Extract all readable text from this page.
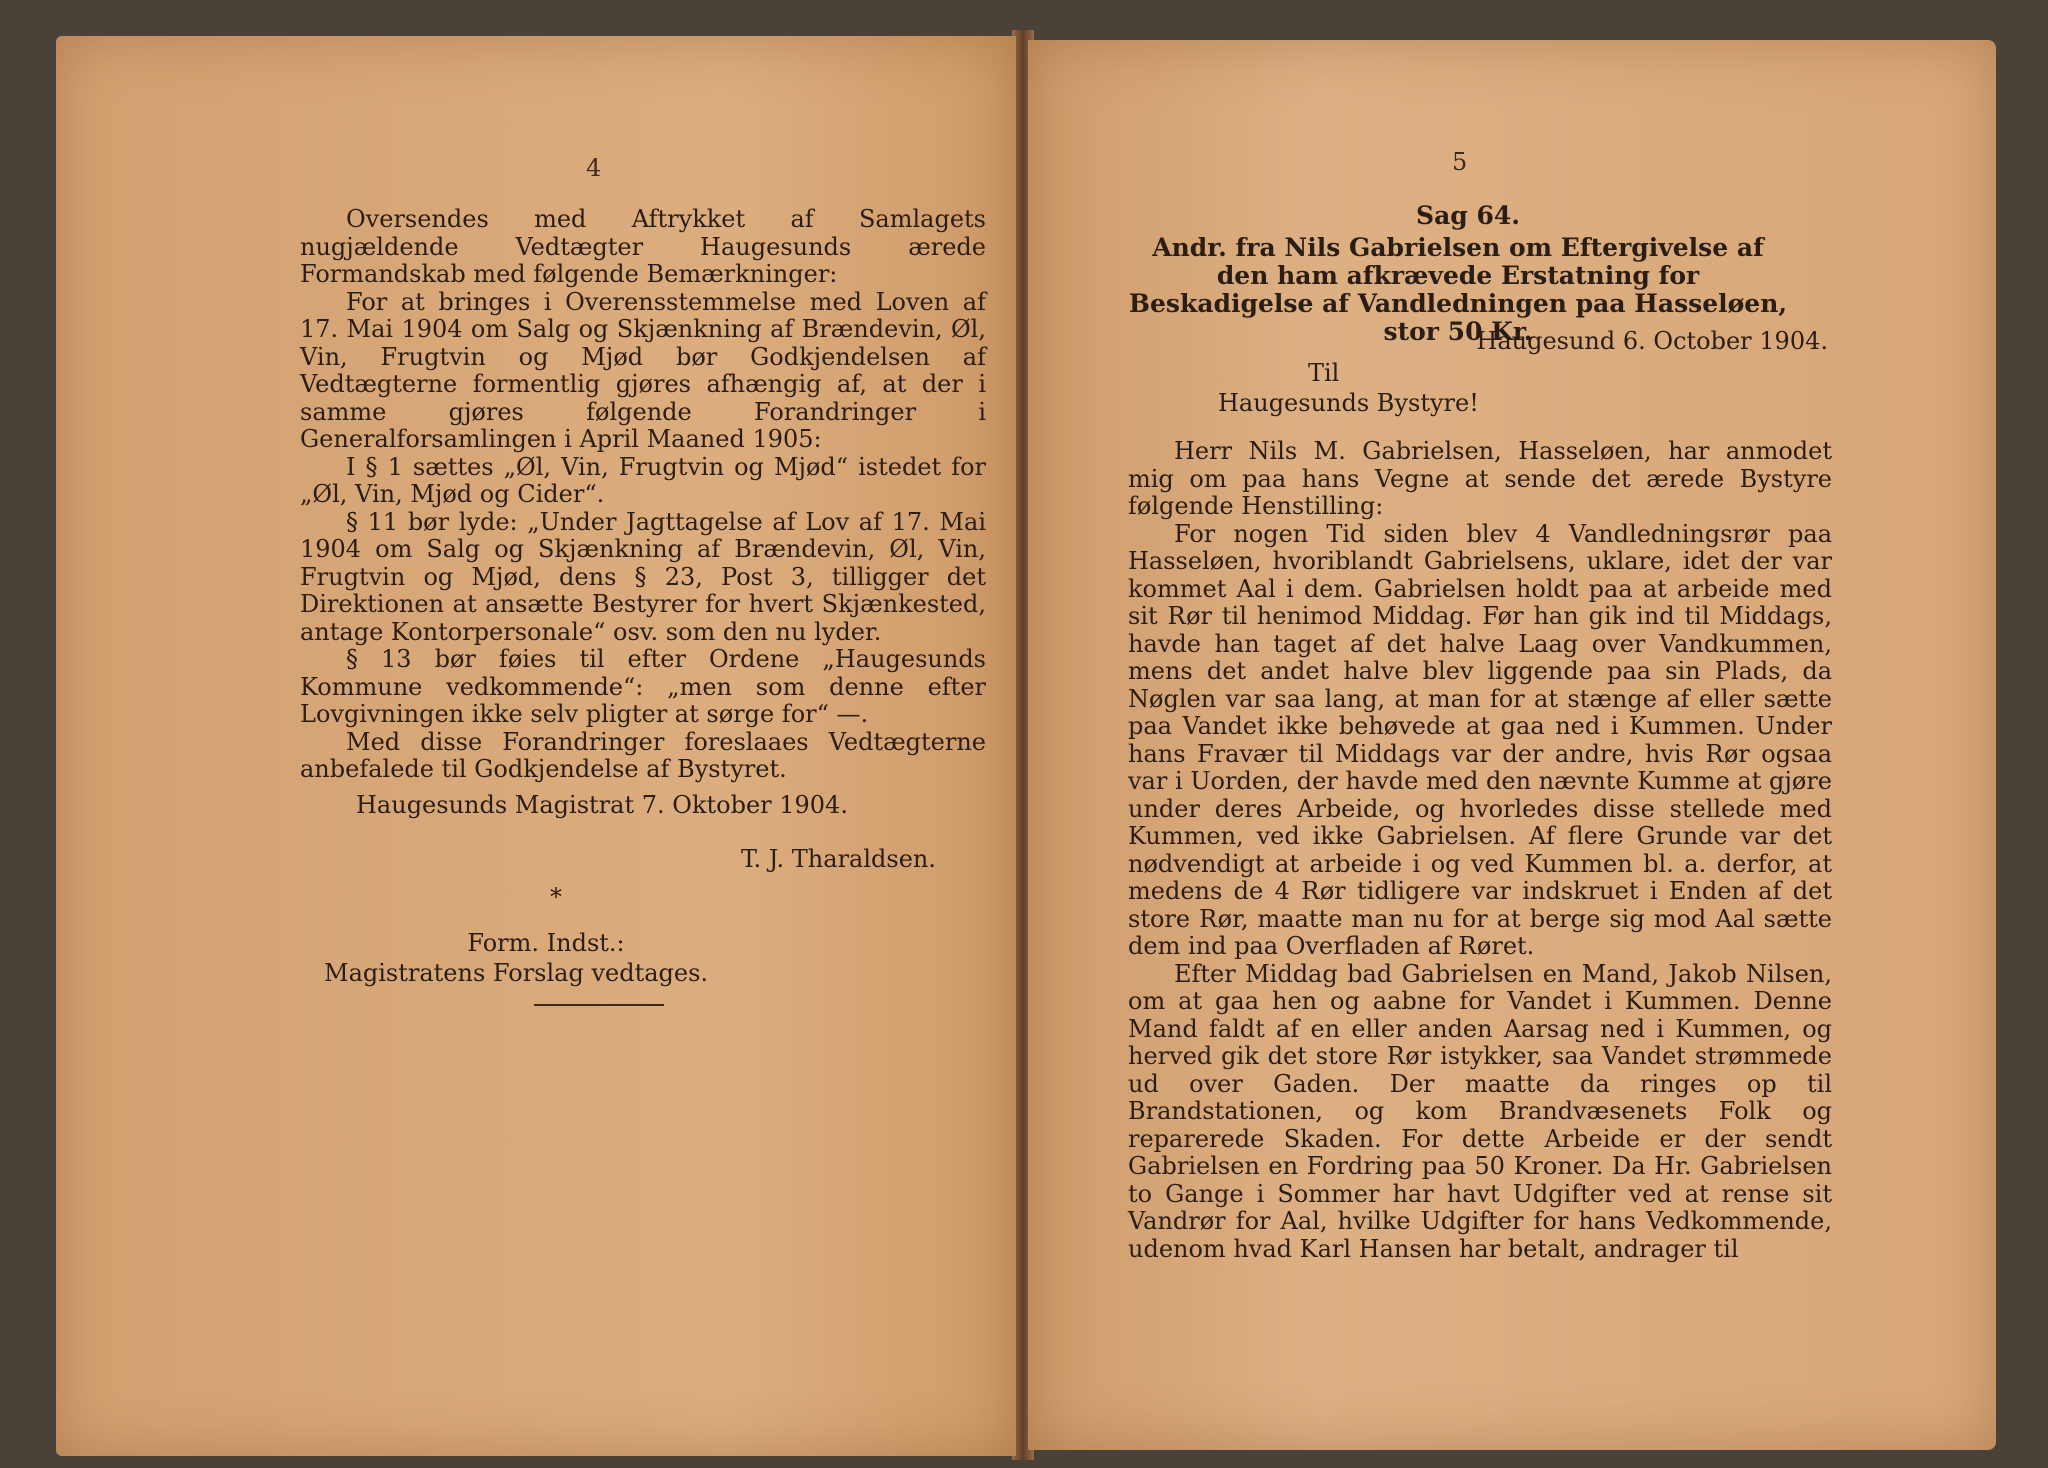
4

Oversendes med Aftrykket af Samlagets nugjældende Vedtægter Haugesunds ærede Formandskab med følgende Bemærkninger:

For at bringes i Overensstemmelse med Loven af 17. Mai 1904 om Salg og Skjænkning af Brændevin, Øl, Vin, Frugtvin og Mjød bør Godkjendelsen af Vedtægterne formentlig gjøres afhængig af, at der i samme gjøres følgende Forandringer i Generalforsamlingen i April Maaned 1905:

I § 1 sættes „Øl, Vin, Frugtvin og Mjød“ istedet for „Øl, Vin, Mjød og Cider“.

§ 11 bør lyde: „Under Jagttagelse af Lov af 17. Mai 1904 om Salg og Skjænkning af Brændevin, Øl, Vin, Frugtvin og Mjød, dens § 23, Post 3, tilligger det Direktionen at ansætte Bestyrer for hvert Skjænkested, antage Kontorpersonale“ osv. som den nu lyder.

§ 13 bør føies til efter Ordene „Haugesunds Kommune vedkommende“: „men som denne efter Lovgivningen ikke selv pligter at sørge for“ —.

Med disse Forandringer foreslaaes Vedtægterne anbefalede til Godkjendelse af Bystyret.

Haugesunds Magistrat 7. Oktober 1904.
T. J. Tharaldsen.
*
Form. Indst.:
Magistratens Forslag vedtages.
5
Sag 64.
Andr. fra Nils Gabrielsen om Eftergivelse af den ham afkrævede Erstatning for Beskadigelse af Vandledningen paa Hasseløen, stor 50 Kr.
Haugesund 6. October 1904.
Til
Haugesunds Bystyre!

Herr Nils M. Gabrielsen, Hasseløen, har anmodet mig om paa hans Vegne at sende det ærede Bystyre følgende Henstilling:

For nogen Tid siden blev 4 Vandledningsrør paa Hasseløen, hvoriblandt Gabrielsens, uklare, idet der var kommet Aal i dem. Gabrielsen holdt paa at arbeide med sit Rør til henimod Middag. Før han gik ind til Middags, havde han taget af det halve Laag over Vandkummen, mens det andet halve blev liggende paa sin Plads, da Nøglen var saa lang, at man for at stænge af eller sætte paa Vandet ikke behøvede at gaa ned i Kummen. Under hans Fravær til Middags var der andre, hvis Rør ogsaa var i Uorden, der havde med den nævnte Kumme at gjøre under deres Arbeide, og hvorledes disse stellede med Kummen, ved ikke Gabrielsen. Af flere Grunde var det nødvendigt at arbeide i og ved Kummen bl. a. derfor, at medens de 4 Rør tidligere var indskruet i Enden af det store Rør, maatte man nu for at berge sig mod Aal sætte dem ind paa Overfladen af Røret.

Efter Middag bad Gabrielsen en Mand, Jakob Nilsen, om at gaa hen og aabne for Vandet i Kummen. Denne Mand faldt af en eller anden Aarsag ned i Kummen, og herved gik det store Rør istykker, saa Vandet strømmede ud over Gaden. Der maatte da ringes op til Brandstationen, og kom Brandvæsenets Folk og reparerede Skaden. For dette Arbeide er der sendt Gabrielsen en Fordring paa 50 Kroner. Da Hr. Gabrielsen to Gange i Sommer har havt Udgifter ved at rense sit Vandrør for Aal, hvilke Udgifter for hans Vedkommende, udenom hvad Karl Hansen har betalt, andrager til
